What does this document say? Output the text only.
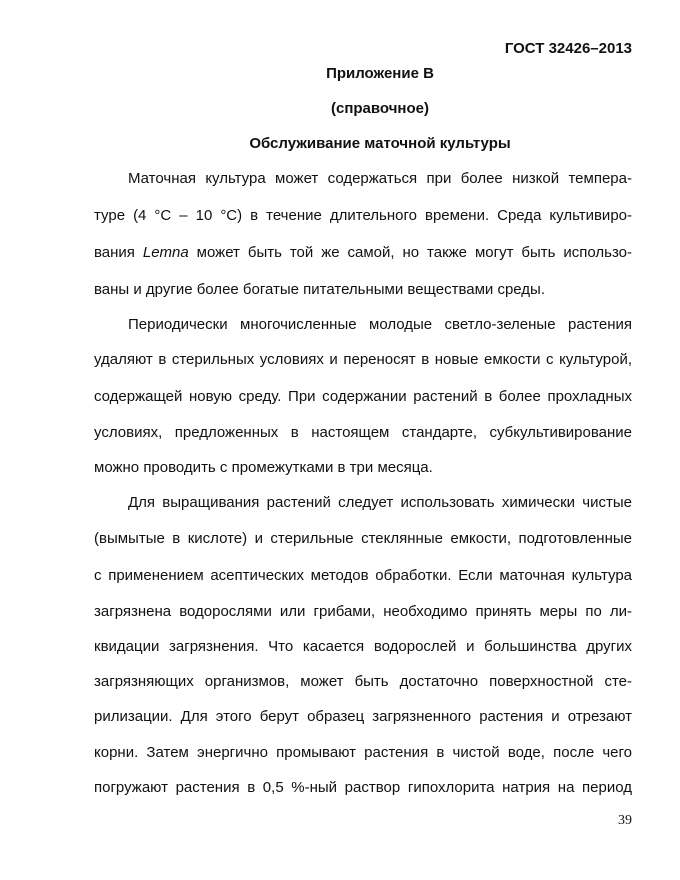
ГОСТ 32426–2013
Приложение В
(справочное)
Обслуживание маточной культуры
Маточная культура может содержаться при более низкой темпера-
туре (4 °С – 10 °С) в течение длительного времени. Среда культивиро-
вания Lemna может быть той же самой, но также могут быть использо-
ваны и другие более богатые питательными веществами среды.
Периодически многочисленные молодые светло-зеленые растения
удаляют в стерильных условиях и переносят в новые емкости с культурой,
содержащей новую среду. При содержании растений в более прохладных
условиях, предложенных в настоящем стандарте, субкультивирование
можно проводить с промежутками в три месяца.
Для выращивания растений следует использовать химически чистые
(вымытые в кислоте) и стерильные стеклянные емкости, подготовленные
с применением асептических методов обработки. Если маточная культура
загрязнена водорослями или грибами, необходимо принять меры по ли-
квидации загрязнения. Что касается водорослей и большинства других
загрязняющих организмов, может быть достаточно поверхностной сте-
рилизации. Для этого берут образец загрязненного растения и отрезают
корни. Затем энергично промывают растения в чистой воде, после чего
погружают растения в 0,5 %-ный раствор гипохлорита натрия на период
39
